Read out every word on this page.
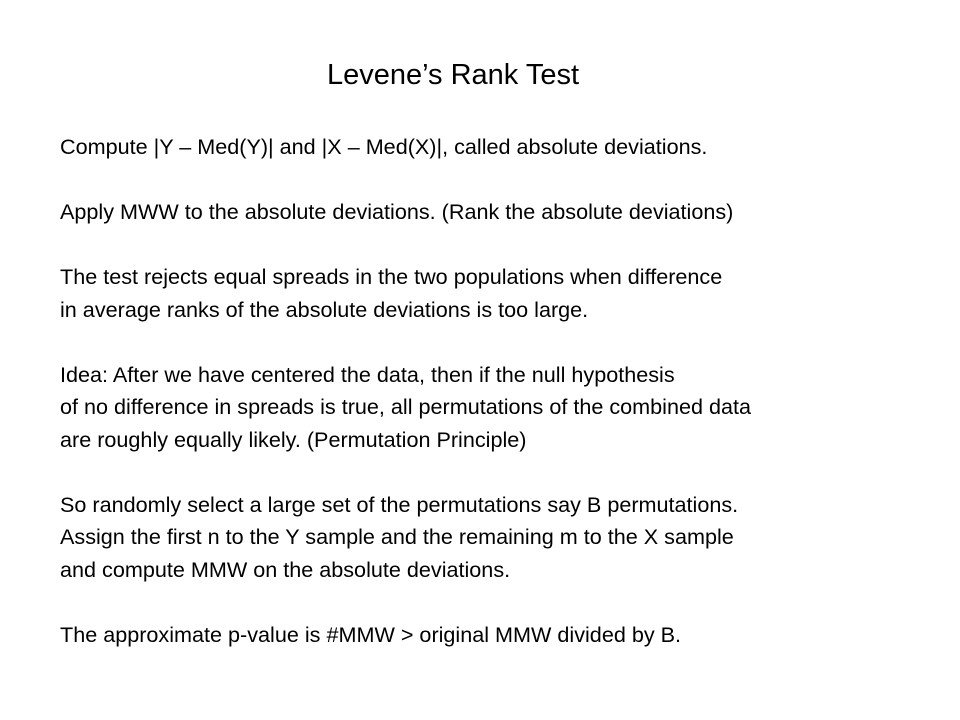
Levene’s Rank Test

Compute |Y – Med(Y)| and |X – Med(X)|, called absolute deviations.

Apply MWW to the absolute deviations. (Rank the absolute deviations)

The test rejects equal spreads in the two populations when difference
in average ranks of the absolute deviations is too large.

Idea: After we have centered the data, then if the null hypothesis
of no difference in spreads is true, all permutations of the combined data
are roughly equally likely. (Permutation Principle)

So randomly select a large set of the permutations say B permutations.
Assign the first n to the Y sample and the remaining m to the X sample
and compute MMW on the absolute deviations.

The approximate p-value is #MMW > original MMW divided by B.
